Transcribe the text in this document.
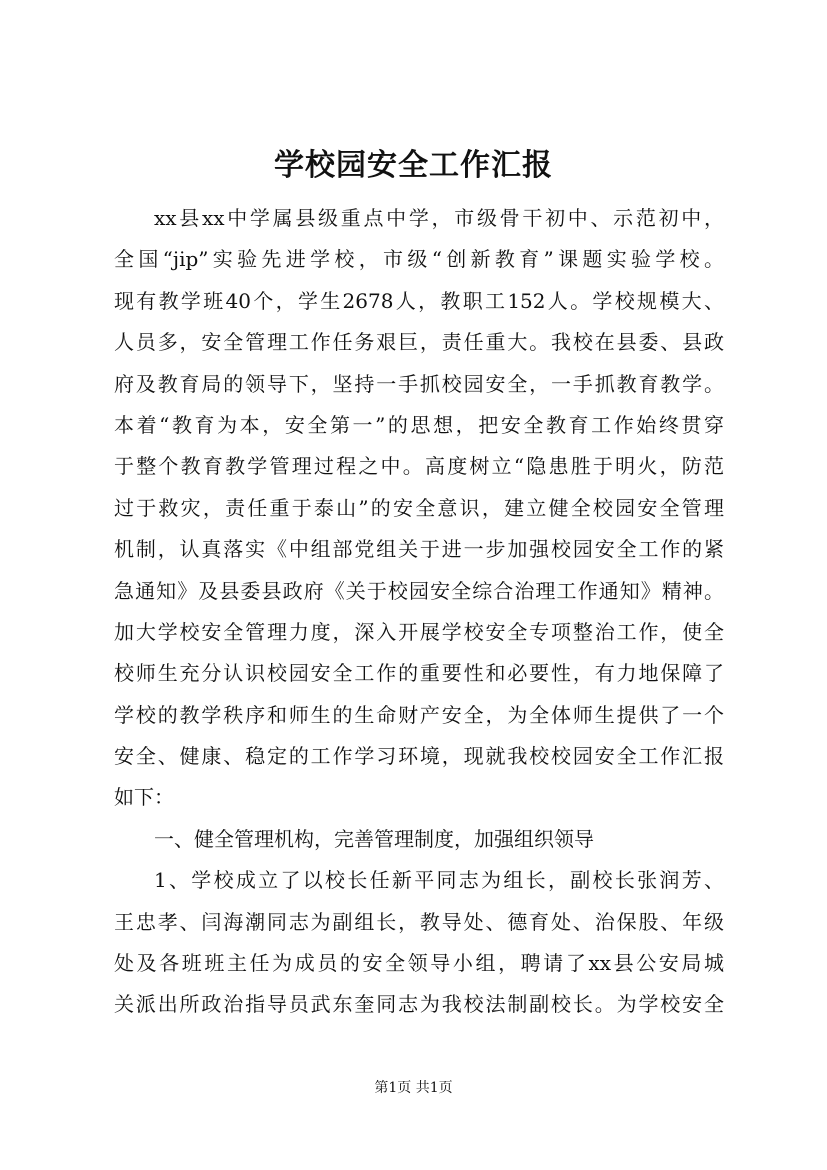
学校园安全工作汇报
xx县xx中学属县级重点中学，市级骨干初中、示范初中，
全国“jip”实验先进学校，市级“创新教育”课题实验学校。
现有教学班40个，学生2678人，教职工152人。学校规模大、
人员多，安全管理工作任务艰巨，责任重大。我校在县委、县政
府及教育局的领导下，坚持一手抓校园安全，一手抓教育教学。
本着“教育为本，安全第一”的思想，把安全教育工作始终贯穿
于整个教育教学管理过程之中。高度树立“隐患胜于明火，防范
过于救灾，责任重于泰山”的安全意识，建立健全校园安全管理
机制，认真落实《中组部党组关于进一步加强校园安全工作的紧
急通知》及县委县政府《关于校园安全综合治理工作通知》精神。
加大学校安全管理力度，深入开展学校安全专项整治工作，使全
校师生充分认识校园安全工作的重要性和必要性，有力地保障了
学校的教学秩序和师生的生命财产安全，为全体师生提供了一个
安全、健康、稳定的工作学习环境，现就我校校园安全工作汇报
如下：
一、健全管理机构，完善管理制度，加强组织领导
1、学校成立了以校长任新平同志为组长，副校长张润芳、
王忠孝、闫海潮同志为副组长，教导处、德育处、治保股、年级
处及各班班主任为成员的安全领导小组，聘请了xx县公安局城
关派出所政治指导员武东奎同志为我校法制副校长。为学校安全
第1页 共1页
